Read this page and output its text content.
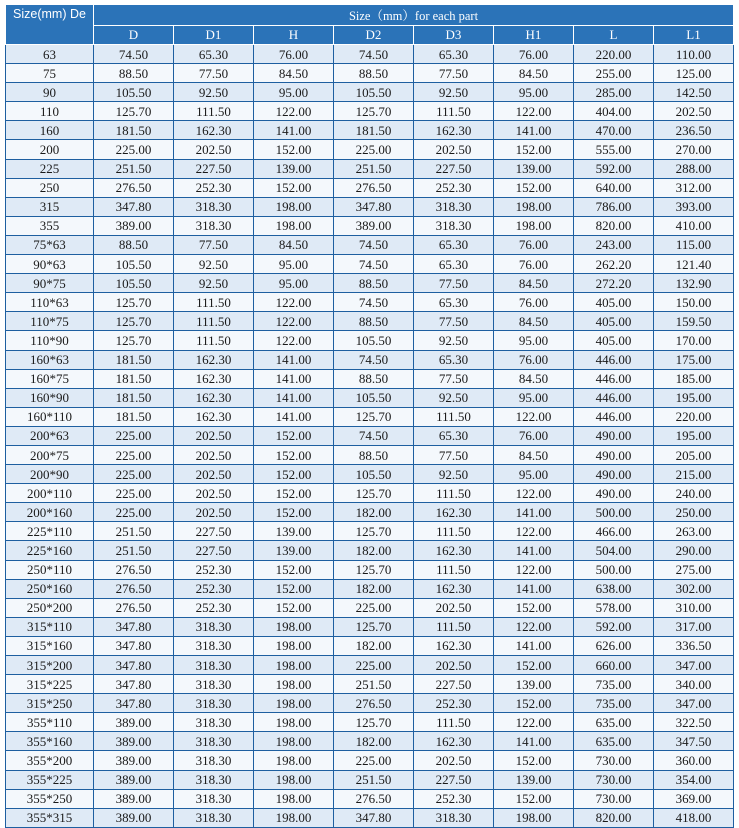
Size(mm) De	Size（mm）for each part							
	D	D1	H	D2	D3	H1	L	L1
63	74.50	65.30	76.00	74.50	65.30	76.00	220.00	110.00
75	88.50	77.50	84.50	88.50	77.50	84.50	255.00	125.00
90	105.50	92.50	95.00	105.50	92.50	95.00	285.00	142.50
110	125.70	111.50	122.00	125.70	111.50	122.00	404.00	202.50
160	181.50	162.30	141.00	181.50	162.30	141.00	470.00	236.50
200	225.00	202.50	152.00	225.00	202.50	152.00	555.00	270.00
225	251.50	227.50	139.00	251.50	227.50	139.00	592.00	288.00
250	276.50	252.30	152.00	276.50	252.30	152.00	640.00	312.00
315	347.80	318.30	198.00	347.80	318.30	198.00	786.00	393.00
355	389.00	318.30	198.00	389.00	318.30	198.00	820.00	410.00
75*63	88.50	77.50	84.50	74.50	65.30	76.00	243.00	115.00
90*63	105.50	92.50	95.00	74.50	65.30	76.00	262.20	121.40
90*75	105.50	92.50	95.00	88.50	77.50	84.50	272.20	132.90
110*63	125.70	111.50	122.00	74.50	65.30	76.00	405.00	150.00
110*75	125.70	111.50	122.00	88.50	77.50	84.50	405.00	159.50
110*90	125.70	111.50	122.00	105.50	92.50	95.00	405.00	170.00
160*63	181.50	162.30	141.00	74.50	65.30	76.00	446.00	175.00
160*75	181.50	162.30	141.00	88.50	77.50	84.50	446.00	185.00
160*90	181.50	162.30	141.00	105.50	92.50	95.00	446.00	195.00
160*110	181.50	162.30	141.00	125.70	111.50	122.00	446.00	220.00
200*63	225.00	202.50	152.00	74.50	65.30	76.00	490.00	195.00
200*75	225.00	202.50	152.00	88.50	77.50	84.50	490.00	205.00
200*90	225.00	202.50	152.00	105.50	92.50	95.00	490.00	215.00
200*110	225.00	202.50	152.00	125.70	111.50	122.00	490.00	240.00
200*160	225.00	202.50	152.00	182.00	162.30	141.00	500.00	250.00
225*110	251.50	227.50	139.00	125.70	111.50	122.00	466.00	263.00
225*160	251.50	227.50	139.00	182.00	162.30	141.00	504.00	290.00
250*110	276.50	252.30	152.00	125.70	111.50	122.00	500.00	275.00
250*160	276.50	252.30	152.00	182.00	162.30	141.00	638.00	302.00
250*200	276.50	252.30	152.00	225.00	202.50	152.00	578.00	310.00
315*110	347.80	318.30	198.00	125.70	111.50	122.00	592.00	317.00
315*160	347.80	318.30	198.00	182.00	162.30	141.00	626.00	336.50
315*200	347.80	318.30	198.00	225.00	202.50	152.00	660.00	347.00
315*225	347.80	318.30	198.00	251.50	227.50	139.00	735.00	340.00
315*250	347.80	318.30	198.00	276.50	252.30	152.00	735.00	347.00
355*110	389.00	318.30	198.00	125.70	111.50	122.00	635.00	322.50
355*160	389.00	318.30	198.00	182.00	162.30	141.00	635.00	347.50
355*200	389.00	318.30	198.00	225.00	202.50	152.00	730.00	360.00
355*225	389.00	318.30	198.00	251.50	227.50	139.00	730.00	354.00
355*250	389.00	318.30	198.00	276.50	252.30	152.00	730.00	369.00
355*315	389.00	318.30	198.00	347.80	318.30	198.00	820.00	418.00
